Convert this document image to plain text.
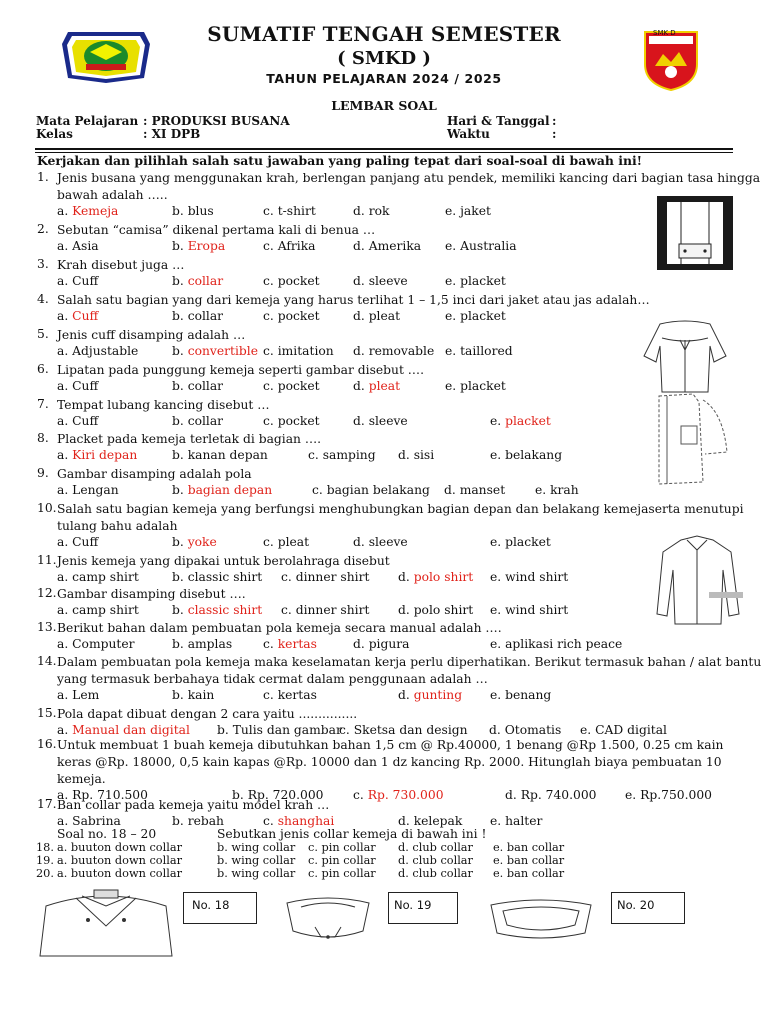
SMK D
SUMATIF TENGAH SEMESTER
( SMKD )
TAHUN PELAJARAN 2024 / 2025
LEMBAR SOAL
Mata Pelajaran : PRODUKSI BUSANA
Kelas	: XI DPB
Hari & Tanggal :
Waktu	:
Kerjakan dan pilihlah salah satu jawaban yang paling tepat dari soal-soal di bawah ini!
1. Jenis busana yang menggunakan krah, berlengan panjang atu pendek, memiliki kancing dari bagian tasa hingga
bawah adalah …..
a. Kemeja	b. blus	c. t-shirt	d. rok	e. jaket
2. Sebutan “camisa” dikenal pertama kali di benua …
a. Asia	b. Eropa	c. Afrika	d. Amerika e. Australia
3. Krah disebut juga …
a. Cuff	b. collar	c. pocket	d. sleeve	e. placket
4. Salah satu bagian yang dari kemeja yang harus terlihat 1 – 1,5 inci dari jaket atau jas adalah…
a. Cuff	b. collar	c. pocket	d. pleat	e. placket
5. Jenis cuff disamping adalah …
a. Adjustable	b. convertible c. imitation d. removable e. taillored
6. Lipatan pada punggung kemeja seperti gambar disebut ….
a. Cuff	b. collar	c. pocket	d. pleat	e. placket
7. Tempat lubang kancing disebut …
a. Cuff	b. collar	c. pocket	d. sleeve	e. placket
8. Placket pada kemeja terletak di bagian ….
a. Kiri depan	b. kanan depan	c. samping d. sisi	e. belakang
9. Gambar disamping adalah pola
a. Lengan	b. bagian depan	c. bagian belakang d. manset e. krah
10. Salah satu bagian kemeja yang berfungsi menghubungkan bagian depan dan belakang kemejaserta menutupi
tulang bahu adalah
a. Cuff	b. yoke	c. pleat	d. sleeve	e. placket
11. Jenis kemeja yang dipakai untuk berolahraga disebut
a. camp shirt	b. classic shirt c. dinner shirt d. polo shirt e. wind shirt
12. Gambar disamping disebut ….
a. camp shirt	b. classic shirt c. dinner shirt d. polo shirt e. wind shirt
13. Berikut bahan dalam pembuatan pola kemeja secara manual adalah ….
a. Computer	b. amplas	c. kertas	d. pigura	e. aplikasi rich peace
14. Dalam pembuatan pola kemeja maka keselamatan kerja perlu diperhatikan. Berikut termasuk bahan / alat bantu
yang termasuk berbahaya tidak cermat dalam penggunaan adalah …
a. Lem	b. kain	c. kertas	d. gunting e. benang
15. Pola dapat dibuat dengan 2 cara yaitu ...............
a. Manual dan digital b. Tulis dan gambar
c. Sketsa dan design d. Otomatis e. CAD digital
16. Untuk membuat 1 buah kemeja dibutuhkan bahan 1,5 cm @ Rp.40000, 1 benang @Rp 1.500, 0.25 cm kain
keras @Rp. 18000, 0,5 kain kapas @Rp. 10000 dan 1 dz kancing Rp. 2000. Hitunglah biaya pembuatan 10
kemeja.
a. Rp. 710.500	b. Rp. 720.000 c. Rp. 730.000	d. Rp. 740.000 e. Rp.750.000
17. Ban collar pada kemeja yaitu model krah …
a. Sabrina	b. rebah	c. shanghai	d. kelepak e. halter
Soal no. 18 – 20	Sebutkan jenis collar kemeja di bawah ini !
18. a. buuton down collar	b. wing collar c. pin collar d. club collar e. ban collar
19. a. buuton down collar	b. wing collar c. pin collar d. club collar e. ban collar
20. a. buuton down collar	b. wing collar c. pin collar d. club collar e. ban collar
No. 18	No. 19	No. 20
